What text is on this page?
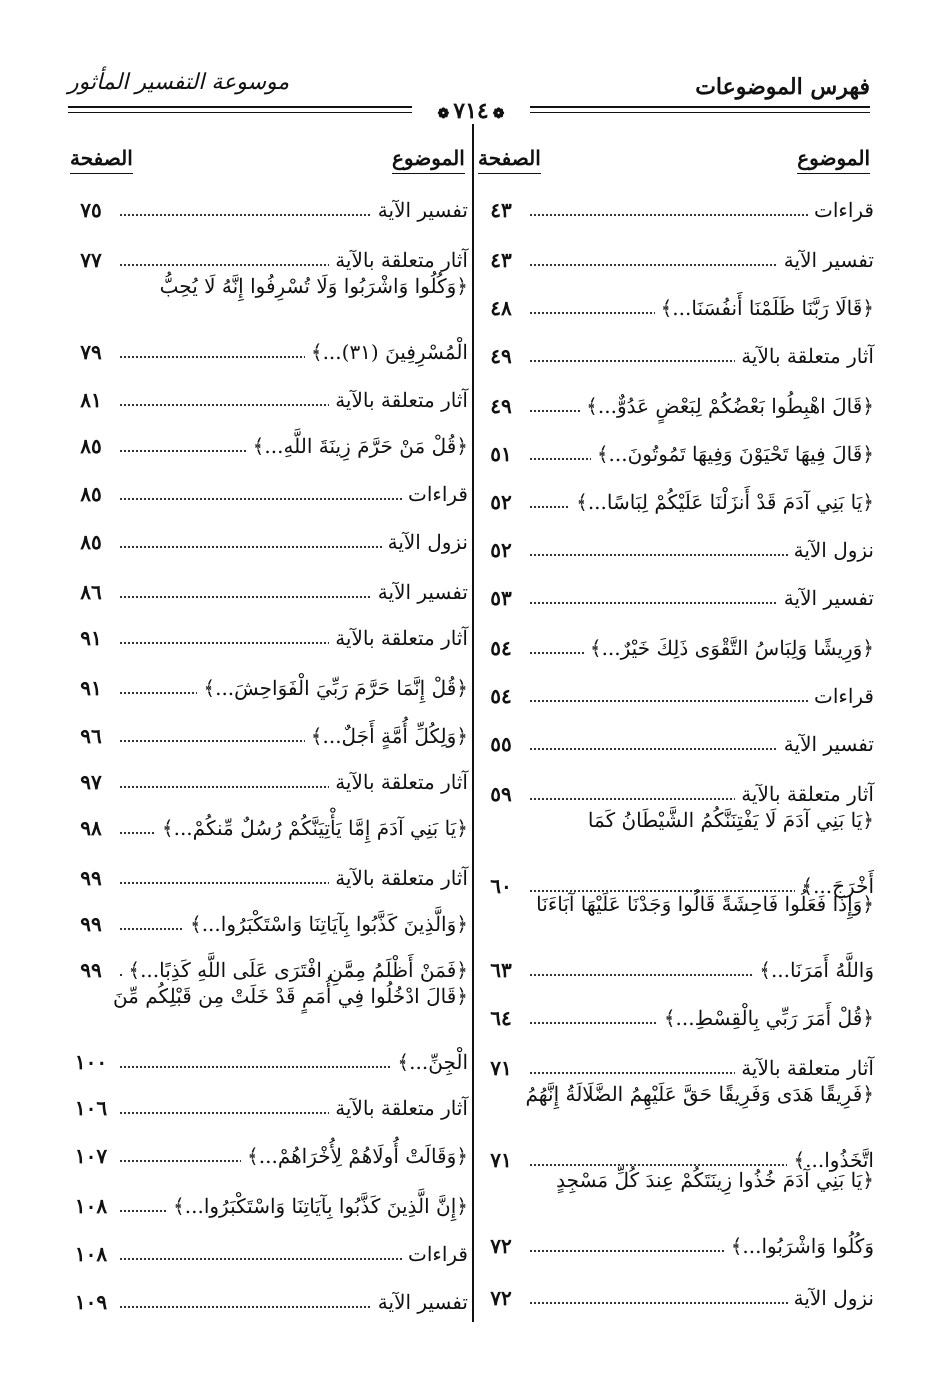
فهرس الموضوعات
موسوعة التفسير المأثور
❁٧١٤❁
الموضوع
الصفحة
الموضوع
الصفحة
قراءات
٤٣
تفسير الآية
٤٣
﴿قَالَا رَبَّنَا ظَلَمْنَا أَنفُسَنَا...﴾
٤٨
آثار متعلقة بالآية
٤٩
﴿قَالَ اهْبِطُوا بَعْضُكُمْ لِبَعْضٍ عَدُوٌّ...﴾
٤٩
﴿قَالَ فِيهَا تَحْيَوْنَ وَفِيهَا تَمُوتُونَ...﴾
٥١
﴿يَا بَنِي آدَمَ قَدْ أَنزَلْنَا عَلَيْكُمْ لِبَاسًا...﴾
٥٢
نزول الآية
٥٢
تفسير الآية
٥٣
﴿وَرِيشًا وَلِبَاسُ التَّقْوَى ذَلِكَ خَيْرٌ...﴾
٥٤
قراءات
٥٤
تفسير الآية
٥٥
آثار متعلقة بالآية
٥٩
﴿يَا بَنِي آدَمَ لَا يَفْتِنَنَّكُمُ الشَّيْطَانُ كَمَا
أَخْرَجَ...﴾
٦٠
﴿وَإِذَا فَعَلُوا فَاحِشَةً قَالُوا وَجَدْنَا عَلَيْهَا آبَاءَنَا
وَاللَّهُ أَمَرَنَا...﴾
٦٣
﴿قُلْ أَمَرَ رَبِّي بِالْقِسْطِ...﴾
٦٤
آثار متعلقة بالآية
٧١
﴿فَرِيقًا هَدَى وَفَرِيقًا حَقَّ عَلَيْهِمُ الضَّلَالَةُ إِنَّهُمُ
اتَّخَذُوا...﴾
٧١
﴿يَا بَنِي آدَمَ خُذُوا زِينَتَكُمْ عِندَ كُلِّ مَسْجِدٍ
وَكُلُوا وَاشْرَبُوا...﴾
٧٢
نزول الآية
٧٢
تفسير الآية
٧٥
آثار متعلقة بالآية
٧٧
﴿وَكُلُوا وَاشْرَبُوا وَلَا تُسْرِفُوا إِنَّهُ لَا يُحِبُّ
الْمُسْرِفِينَ (٣١)...﴾
٧٩
آثار متعلقة بالآية
٨١
﴿قُلْ مَنْ حَرَّمَ زِينَةَ اللَّهِ...﴾
٨٥
قراءات
٨٥
نزول الآية
٨٥
تفسير الآية
٨٦
آثار متعلقة بالآية
٩١
﴿قُلْ إِنَّمَا حَرَّمَ رَبِّيَ الْفَوَاحِشَ...﴾
٩١
﴿وَلِكُلِّ أُمَّةٍ أَجَلٌ...﴾
٩٦
آثار متعلقة بالآية
٩٧
﴿يَا بَنِي آدَمَ إِمَّا يَأْتِيَنَّكُمْ رُسُلٌ مِّنكُمْ...﴾
٩٨
آثار متعلقة بالآية
٩٩
﴿وَالَّذِينَ كَذَّبُوا بِآيَاتِنَا وَاسْتَكْبَرُوا...﴾
٩٩
﴿فَمَنْ أَظْلَمُ مِمَّنِ افْتَرَى عَلَى اللَّهِ كَذِبًا...﴾
٩٩
﴿قَالَ ادْخُلُوا فِي أُمَمٍ قَدْ خَلَتْ مِن قَبْلِكُم مِّنَ
الْجِنِّ...﴾
١٠٠
آثار متعلقة بالآية
١٠٦
﴿وَقَالَتْ أُولَاهُمْ لِأُخْرَاهُمْ...﴾
١٠٧
﴿إِنَّ الَّذِينَ كَذَّبُوا بِآيَاتِنَا وَاسْتَكْبَرُوا...﴾
١٠٨
قراءات
١٠٨
تفسير الآية
١٠٩
